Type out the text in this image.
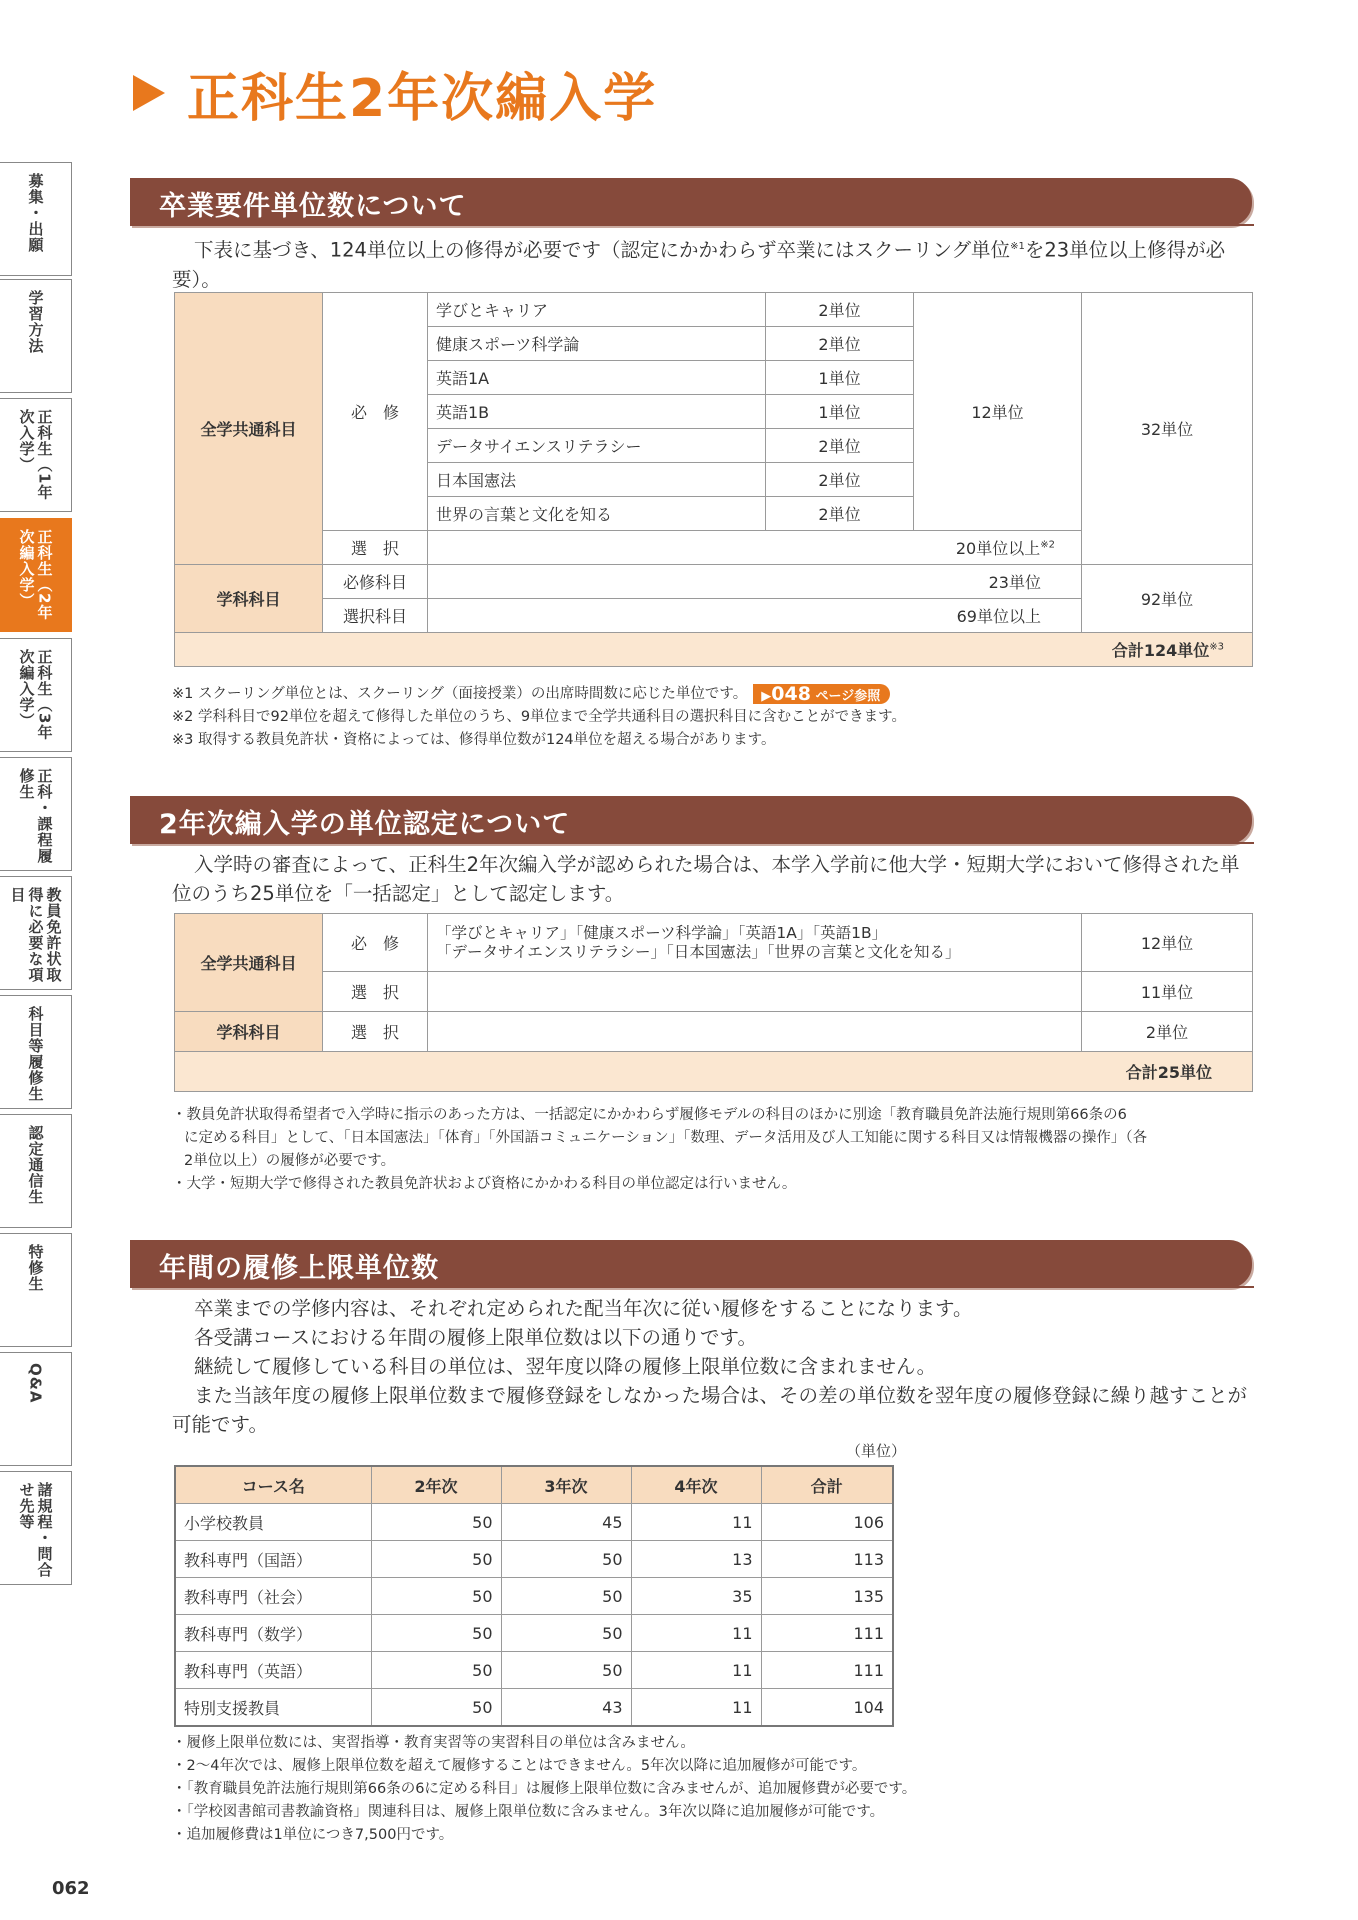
正科生2年次編入学
募集・出願
学習方法
正科生（1年次入学）
正科生（2年次編入学）
正科生（3年次編入学）
正科・課程履修生
教員免許状取得に必要な項目
科目等履修生
認定通信生
特修生
Q&A
諸規程・問合せ先等
卒業要件単位数について

下表に基づき、124単位以上の修得が必要です（認定にかかわらず卒業にはスクーリング単位$^{※1}$を23単位以上修得が必要）。

全学共通科目	必　修	学びとキャリア	2単位	12単位	32単位
		健康スポーツ科学論	2単位		
		英語1A	1単位		
		英語1B	1単位		
		データサイエンスリテラシー	2単位		
		日本国憲法	2単位		
		世界の言葉と文化を知る	2単位		
	選　択	20単位以上$^{※2}$
学科科目	必修科目	23単位			92単位
	選択科目	69単位以上			
合計124単位$^{※3}$
※1 スクーリング単位とは、スクーリング（面接授業）の出席時間数に応じた単位です。 ▶048 ページ参照
※2 学科科目で92単位を超えて修得した単位のうち、9単位まで全学共通科目の選択科目に含むことができます。
※3 取得する教員免許状・資格によっては、修得単位数が124単位を超える場合があります。
2年次編入学の単位認定について

入学時の審査によって、正科生2年次編入学が認められた場合は、本学入学前に他大学・短期大学において修得された単位のうち25単位を「一括認定」として認定します。

全学共通科目	必　修	「学びとキャリア」「健康スポーツ科学論」「英語1A」「英語1B」
「データサイエンスリテラシー」「日本国憲法」「世界の言葉と文化を知る」	12単位
	選　択		11単位
学科科目	選　択		2単位
合計25単位			
・教員免許状取得希望者で入学時に指示のあった方は、一括認定にかかわらず履修モデルの科目のほかに別途「教育職員免許法施行規則第66条の6
に定める科目」として、「日本国憲法」「体育」「外国語コミュニケーション」「数理、データ活用及び人工知能に関する科目又は情報機器の操作」（各
2単位以上）の履修が必要です。
・大学・短期大学で修得された教員免許状および資格にかかわる科目の単位認定は行いません。
年間の履修上限単位数

卒業までの学修内容は、それぞれ定められた配当年次に従い履修をすることになります。

各受講コースにおける年間の履修上限単位数は以下の通りです。

継続して履修している科目の単位は、翌年度以降の履修上限単位数に含まれません。

また当該年度の履修上限単位数まで履修登録をしなかった場合は、その差の単位数を翌年度の履修登録に繰り越すことが可能です。

（単位）
コース名	2年次	3年次	4年次	合計
小学校教員	50	45	11	106
教科専門（国語）	50	50	13	113
教科専門（社会）	50	50	35	135
教科専門（数学）	50	50	11	111
教科専門（英語）	50	50	11	111
特別支援教員	50	43	11	104
・履修上限単位数には、実習指導・教育実習等の実習科目の単位は含みません。
・2～4年次では、履修上限単位数を超えて履修することはできません。5年次以降に追加履修が可能です。
・「教育職員免許法施行規則第66条の6に定める科目」は履修上限単位数に含みませんが、追加履修費が必要です。
・「学校図書館司書教諭資格」関連科目は、履修上限単位数に含みません。3年次以降に追加履修が可能です。
・追加履修費は1単位につき7,500円です。
062
